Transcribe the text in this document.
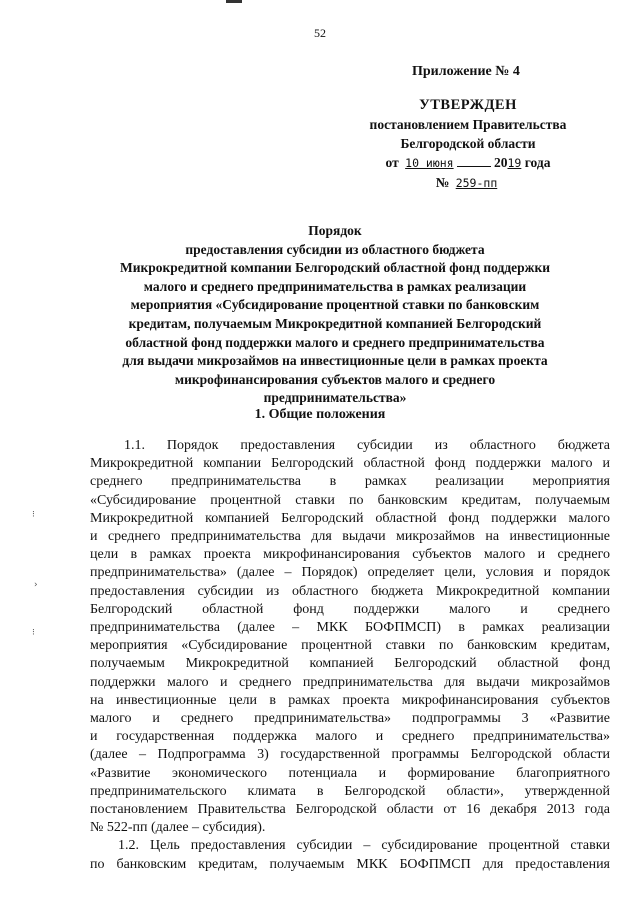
52
Приложение № 4
УТВЕРЖДЕН
постановлением Правительства
Белгородской области
от 10 июня	2019 года
№ 259-пп
Порядок
предоставления субсидии из областного бюджета
Микрокредитной компании Белгородский областной фонд поддержки
малого и среднего предпринимательства в рамках реализации
мероприятия «Субсидирование процентной ставки по банковским
кредитам, получаемым Микрокредитной компанией Белгородский
областной фонд поддержки малого и среднего предпринимательства
для выдачи микрозаймов на инвестиционные цели в рамках проекта
микрофинансирования субъектов малого и среднего
предпринимательства»
1. Общие положения
1.1. Порядок предоставления субсидии из областного бюджета
Микрокредитной компании Белгородский областной фонд поддержки малого и
среднего предпринимательства в рамках реализации мероприятия
«Субсидирование процентной ставки по банковским кредитам, получаемым
Микрокредитной компанией Белгородский областной фонд поддержки малого
и среднего предпринимательства для выдачи микрозаймов на инвестиционные
цели в рамках проекта микрофинансирования субъектов малого и среднего
предпринимательства» (далее – Порядок) определяет цели, условия и порядок
предоставления субсидии из областного бюджета Микрокредитной компании
Белгородский областной фонд поддержки малого и среднего
предпринимательства (далее – МКК БОФПМСП) в рамках реализации
мероприятия «Субсидирование процентной ставки по банковским кредитам,
получаемым Микрокредитной компанией Белгородский областной фонд
поддержки малого и среднего предпринимательства для выдачи микрозаймов
на инвестиционные цели в рамках проекта микрофинансирования субъектов
малого и среднего предпринимательства» подпрограммы 3 «Развитие
и государственная поддержка малого и среднего предпринимательства»
(далее – Подпрограмма 3) государственной программы Белгородской области
«Развитие экономического потенциала и формирование благоприятного
предпринимательского климата в Белгородской области», утвержденной
постановлением Правительства Белгородской области от 16 декабря 2013 года
№ 522-пп (далее – субсидия).
1.2. Цель предоставления субсидии – субсидирование процентной ставки
по банковским кредитам, получаемым МКК БОФПМСП для предоставления
⁝
›
⁝
